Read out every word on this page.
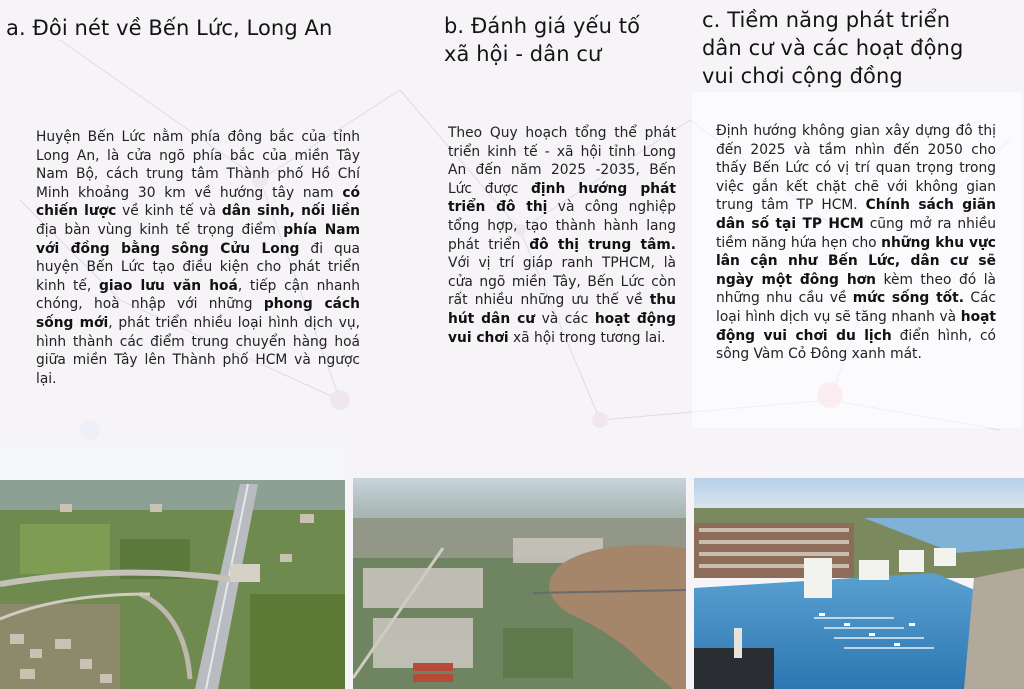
a. Đôi nét về Bến Lức, Long An

Huyện Bến Lức nằm phía đông bắc của tỉnh Long An, là cửa ngõ phía bắc của miền Tây Nam Bộ, cách trung tâm Thành phố Hồ Chí Minh khoảng 30 km về hướng tây nam có chiến lược về kinh tế và dân sinh, nối liền địa bàn vùng kinh tế trọng điểm phía Nam với đồng bằng sông Cửu Long đi qua huyện Bến Lức tạo điều kiện cho phát triển kinh tế, giao lưu văn hoá, tiếp cận nhanh chóng, hoà nhập với những phong cách sống mới, phát triển nhiều loại hình dịch vụ, hình thành các điểm trung chuyển hàng hoá giữa miền Tây lên Thành phố HCM và ngược lại.

b. Đánh giá yếu tố
xã hội - dân cư

Theo Quy hoạch tổng thể phát triển kinh tế - xã hội tỉnh Long An đến năm 2025 -2035, Bến Lức được định hướng phát triển đô thị và công nghiệp tổng hợp, tạo thành hành lang phát triển đô thị trung tâm. Với vị trí giáp ranh TPHCM, là cửa ngõ miền Tây, Bến Lức còn rất nhiều những ưu thế về thu hút dân cư và các hoạt động vui chơi xã hội trong tương lai.

c. Tiềm năng phát triển
dân cư và các hoạt động
vui chơi cộng đồng

Định hướng không gian xây dựng đô thị đến 2025 và tầm nhìn đến 2050 cho thấy Bến Lức có vị trí quan trọng trong việc gắn kết chặt chẽ với không gian trung tâm TP HCM. Chính sách giãn dân số tại TP HCM cũng mở ra nhiều tiềm năng hứa hẹn cho những khu vực lân cận như Bến Lức, dân cư sẽ ngày một đông hơn kèm theo đó là những nhu cầu về mức sống tốt. Các loại hình dịch vụ sẽ tăng nhanh và hoạt động vui chơi du lịch điển hình, có sông Vàm Cỏ Đông xanh mát.
